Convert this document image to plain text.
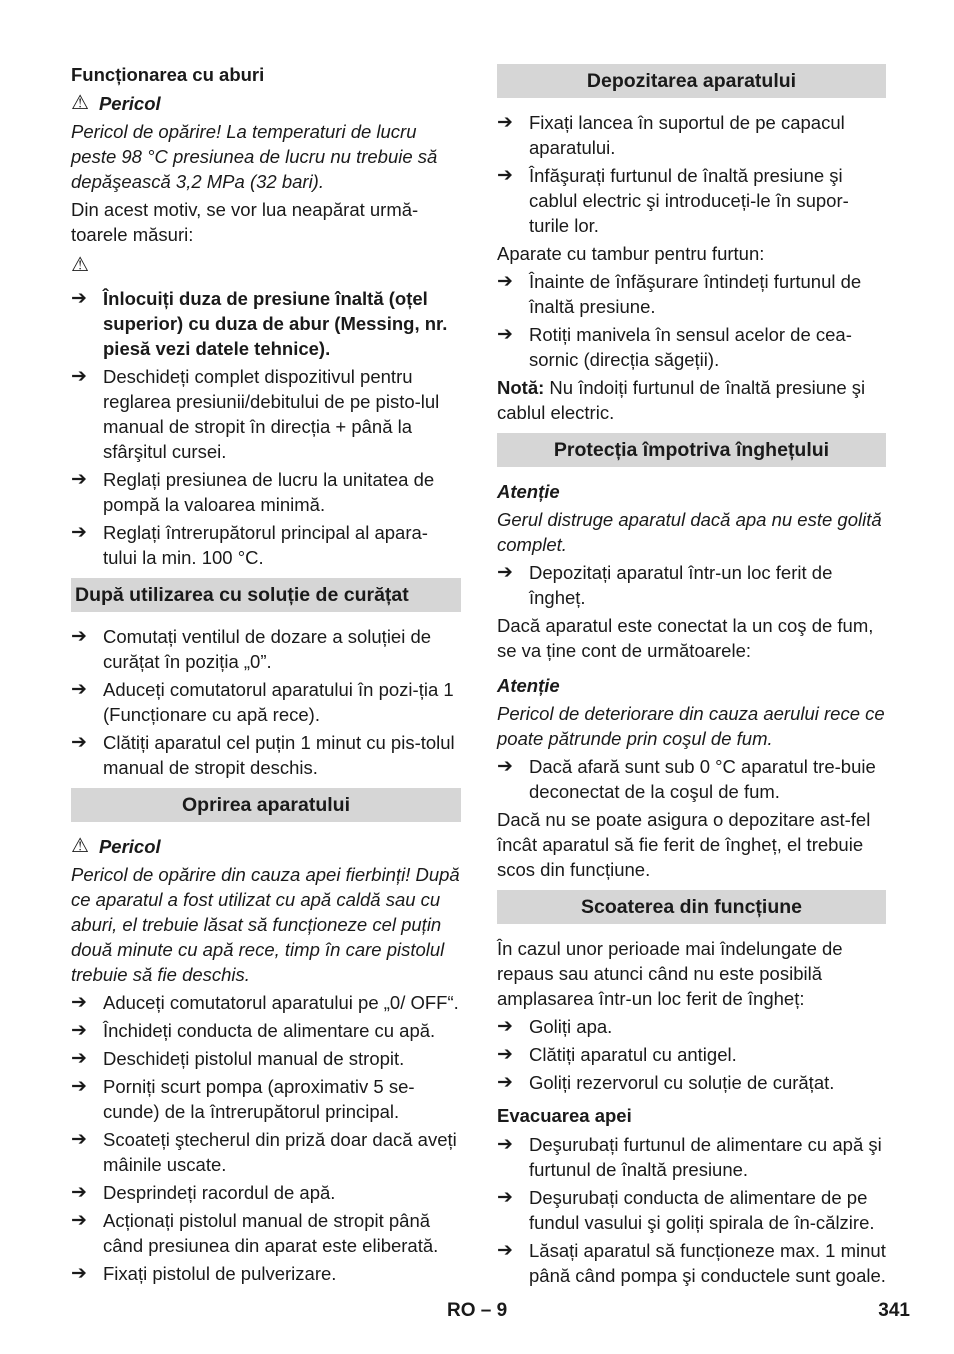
Funcționarea cu aburi
⚠ Pericol
Pericol de opărire! La temperaturi de lucru peste 98 °C presiunea de lucru nu trebuie să depăşească 3,2 MPa (32 bari).
Din acest motiv, se vor lua neapărat urmă-toarele măsuri:
⚠
➔ Înlocuiți duza de presiune înaltă (oțel superior) cu duza de abur (Messing, nr. piesă vezi datele tehnice).
➔ Deschideți complet dispozitivul pentru reglarea presiunii/debitului de pe pisto-lul manual de stropit în direcția + până la sfârşitul cursei.
➔ Reglați presiunea de lucru la unitatea de pompă la valoarea minimă.
➔ Reglați întrerupătorul principal al apara-tului la min. 100 °C.
După utilizarea cu soluție de curățat
➔ Comutați ventilul de dozare a soluției de curățat în poziția „0”.
➔ Aduceți comutatorul aparatului în pozi-ția 1 (Funcționare cu apă rece).
➔ Clătiți aparatul cel puțin 1 minut cu pis-tolul manual de stropit deschis.
Oprirea aparatului
⚠ Pericol
Pericol de opărire din cauza apei fierbinți! După ce aparatul a fost utilizat cu apă caldă sau cu aburi, el trebuie lăsat să funcționeze cel puțin două minute cu apă rece, timp în care pistolul trebuie să fie deschis.
➔ Aduceți comutatorul aparatului pe „0/ OFF“.
➔ Închideți conducta de alimentare cu apă.
➔ Deschideți pistolul manual de stropit.
➔ Porniți scurt pompa (aproximativ 5 se-cunde) de la întrerupătorul principal.
➔ Scoateți ştecherul din priză doar dacă aveți mâinile uscate.
➔ Desprindeți racordul de apă.
➔ Acționați pistolul manual de stropit până când presiunea din aparat este eliberată.
➔ Fixați pistolul de pulverizare.
Depozitarea aparatului
➔ Fixați lancea în suportul de pe capacul aparatului.
➔ Înfăşurați furtunul de înaltă presiune şi cablul electric şi introduceți-le în supor-turile lor.
Aparate cu tambur pentru furtun:
➔ Înainte de înfăşurare întindeți furtunul de înaltă presiune.
➔ Rotiți manivela în sensul acelor de cea-sornic (direcția săgeții).
Notă: Nu îndoiți furtunul de înaltă presiune şi cablul electric.
Protecția împotriva înghețului
Atenție
Gerul distruge aparatul dacă apa nu este golită complet.
➔ Depozitați aparatul într-un loc ferit de îngheț.
Dacă aparatul este conectat la un coş de fum, se va ține cont de următoarele:
Atenție
Pericol de deteriorare din cauza aerului rece ce poate pătrunde prin coşul de fum.
➔ Dacă afară sunt sub 0 °C aparatul tre-buie deconectat de la coşul de fum.
Dacă nu se poate asigura o depozitare ast-fel încât aparatul să fie ferit de îngheț, el trebuie scos din funcțiune.
Scoaterea din funcțiune
În cazul unor perioade mai îndelungate de repaus sau atunci când nu este posibilă amplasarea într-un loc ferit de îngheț:
➔ Goliți apa.
➔ Clătiți aparatul cu antigel.
➔ Goliți rezervorul cu soluție de curățat.
Evacuarea apei
➔ Deşurubați furtunul de alimentare cu apă şi furtunul de înaltă presiune.
➔ Deşurubați conducta de alimentare de pe fundul vasului şi goliți spirala de în-călzire.
➔ Lăsați aparatul să funcționeze max. 1 minut până când pompa şi conductele sunt goale.
RO – 9	341
